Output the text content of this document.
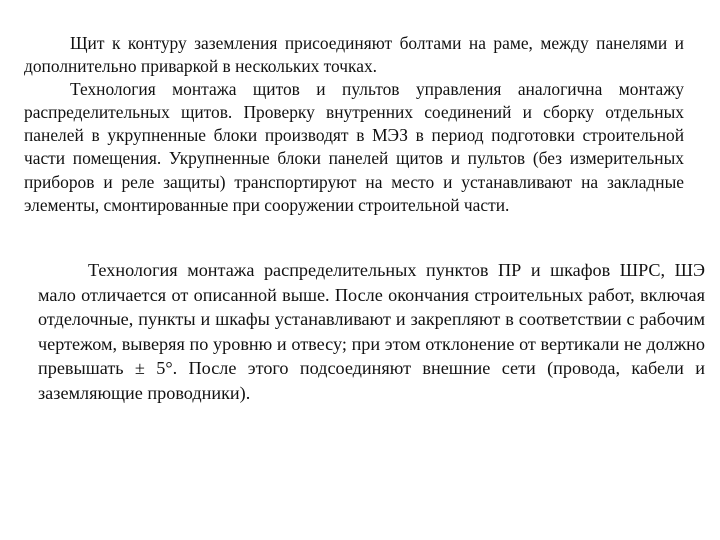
Щит к контуру заземления присоединяют болтами на раме, между панелями и дополнительно приваркой в нескольких точках.

Технология монтажа щитов и пультов управления аналогична монтажу распределительных щитов. Проверку внутренних соединений и сборку отдельных панелей в укрупненные блоки производят в МЭЗ в период подготовки строительной части помещения. Укрупненные блоки панелей щитов и пультов (без измерительных приборов и реле защиты) транспортируют на место и устанавливают на закладные элементы, смонтированные при сооружении строительной части.

Технология монтажа распределительных пунктов ПР и шкафов ШРС, ШЭ мало отличается от описанной выше. После окончания строительных работ, включая отделочные, пункты и шкафы устанавливают и закрепляют в соответствии с рабочим чертежом, выверяя по уровню и отвесу; при этом отклонение от вертикали не должно превышать ± 5°. После этого подсоединяют внешние сети (провода, кабели и заземляющие проводники).
